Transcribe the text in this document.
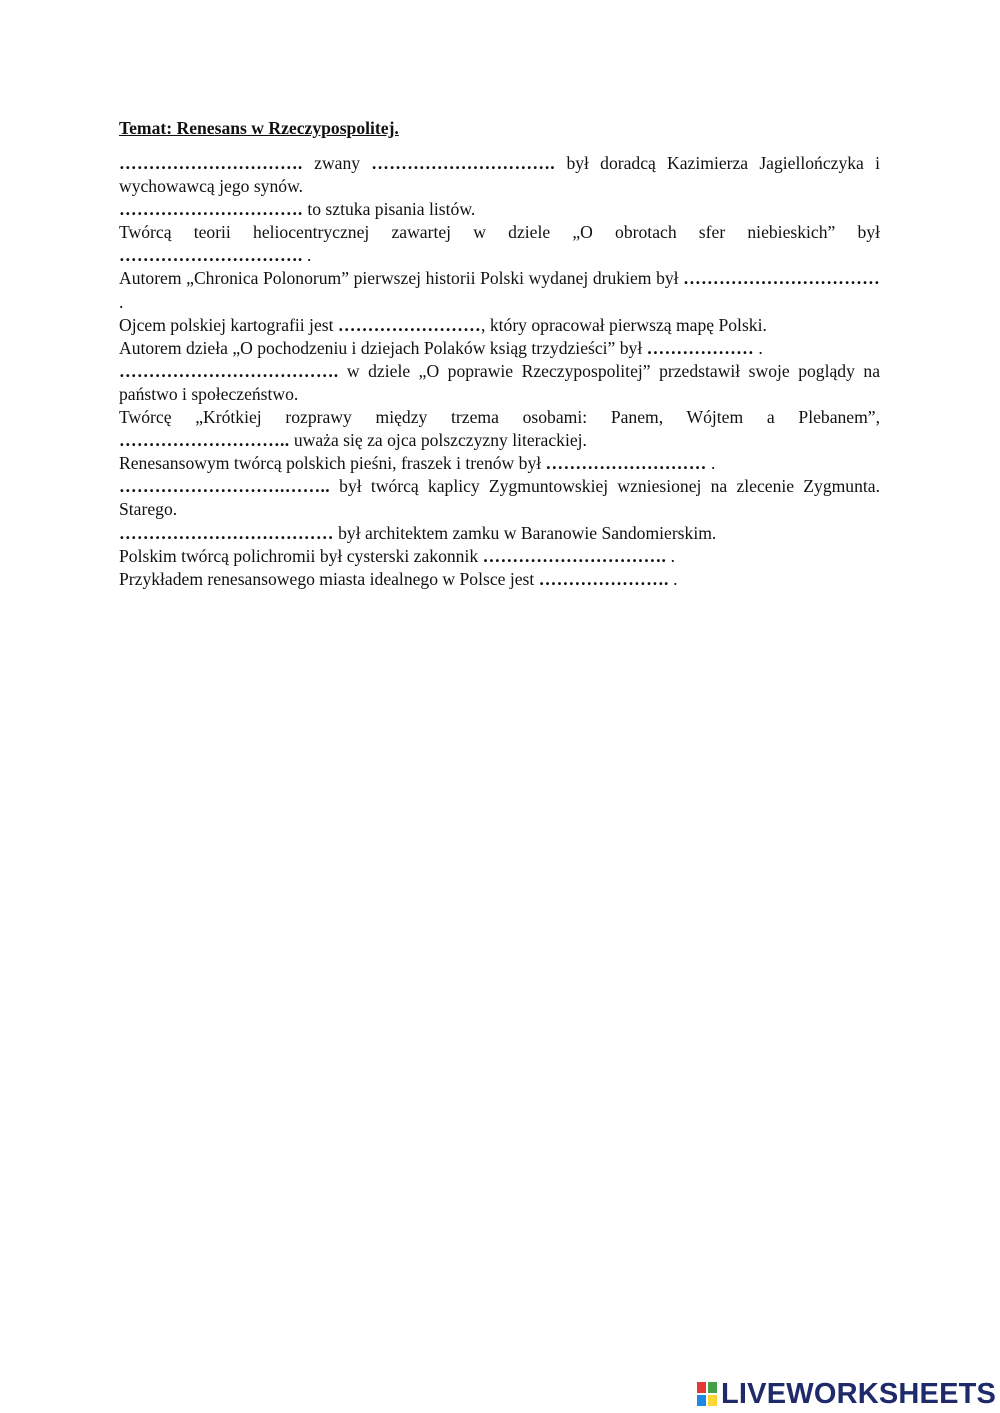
Temat: Renesans w Rzeczypospolitej.

…………………………. zwany …………………………. był doradcą Kazimierza Jagiellończyka i wychowawcą jego synów.

…………………………. to sztuka pisania listów.

Twórcą teorii heliocentrycznej zawartej w dziele „O obrotach sfer niebieskich” był …………………………. .

Autorem „Chronica Polonorum” pierwszej historii Polski wydanej drukiem był …………………………… .

Ojcem polskiej kartografii jest ……………………, który opracował pierwszą mapę Polski.

Autorem dzieła „O pochodzeniu i dziejach Polaków ksiąg trzydzieści” był ……………… .

………………………………. w dziele „O poprawie Rzeczypospolitej” przedstawił swoje poglądy na państwo i społeczeństwo.

Twórcę „Krótkiej rozprawy między trzema osobami: Panem, Wójtem a Plebanem”, ……………………….. uważa się za ojca polszczyzny literackiej.

Renesansowym twórcą polskich pieśni, fraszek i trenów był ……………………… .

……………………….…….. był twórcą kaplicy Zygmuntowskiej wzniesionej na zlecenie Zygmunta. Starego.

……………………………… był architektem zamku w Baranowie Sandomierskim.

Polskim twórcą polichromii był cysterski zakonnik …………………………. .

Przykładem renesansowego miasta idealnego w Polsce jest …………………. .

LIVEWORKSHEETS
